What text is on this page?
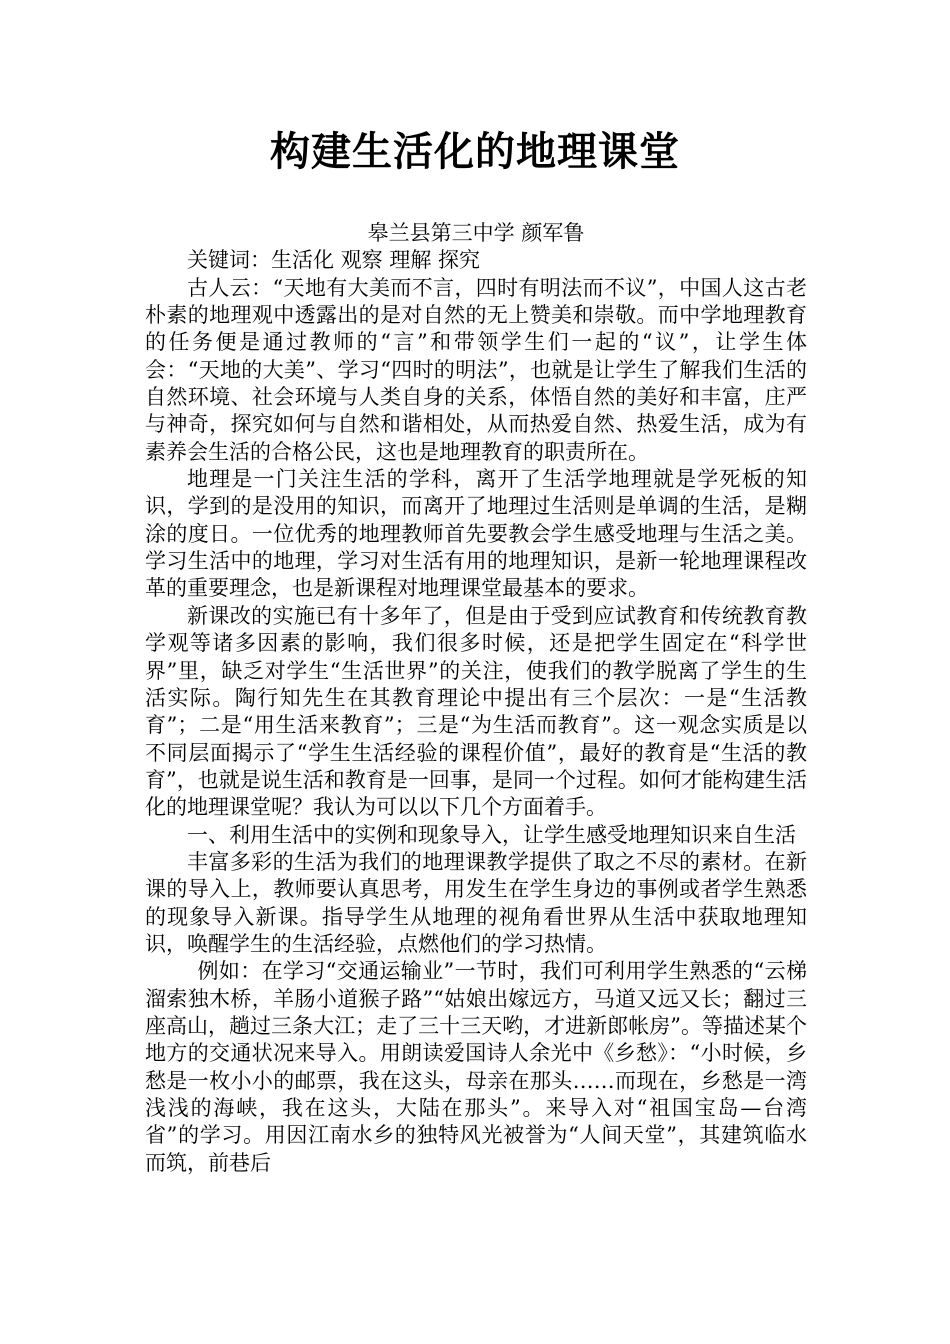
构建生活化的地理课堂

皋兰县第三中学 颜军鲁

关键词：生活化 观察 理解 探究

古人云：“天地有大美而不言，四时有明法而不议”，中国人这古老朴素的地理观中透露出的是对自然的无上赞美和崇敬。而中学地理教育的任务便是通过教师的“言”和带领学生们一起的“议”，让学生体会：“天地的大美”、学习“四时的明法”，也就是让学生了解我们生活的自然环境、社会环境与人类自身的关系，体悟自然的美好和丰富，庄严与神奇，探究如何与自然和谐相处，从而热爱自然、热爱生活，成为有素养会生活的合格公民，这也是地理教育的职责所在。

地理是一门关注生活的学科，离开了生活学地理就是学死板的知识，学到的是没用的知识，而离开了地理过生活则是单调的生活，是糊涂的度日。一位优秀的地理教师首先要教会学生感受地理与生活之美。学习生活中的地理，学习对生活有用的地理知识，是新一轮地理课程改革的重要理念，也是新课程对地理课堂最基本的要求。

新课改的实施已有十多年了，但是由于受到应试教育和传统教育教学观等诸多因素的影响，我们很多时候，还是把学生固定在“科学世界”里，缺乏对学生“生活世界”的关注，使我们的教学脱离了学生的生活实际。陶行知先生在其教育理论中提出有三个层次：一是“生活教育”；二是“用生活来教育”；三是“为生活而教育”。这一观念实质是以不同层面揭示了“学生生活经验的课程价值”，最好的教育是“生活的教育”，也就是说生活和教育是一回事，是同一个过程。如何才能构建生活化的地理课堂呢？我认为可以以下几个方面着手。

一、利用生活中的实例和现象导入，让学生感受地理知识来自生活

丰富多彩的生活为我们的地理课教学提供了取之不尽的素材。在新课的导入上，教师要认真思考，用发生在学生身边的事例或者学生熟悉的现象导入新课。指导学生从地理的视角看世界从生活中获取地理知识，唤醒学生的生活经验，点燃他们的学习热情。

例如：在学习“交通运输业”一节时，我们可利用学生熟悉的“云梯溜索独木桥，羊肠小道猴子路”“姑娘出嫁远方，马道又远又长；翻过三座高山，趟过三条大江；走了三十三天哟，才进新郎帐房”。等描述某个地方的交通状况来导入。用朗读爱国诗人余光中《乡愁》：“小时候，乡愁是一枚小小的邮票，我在这头，母亲在那头……而现在，乡愁是一湾浅浅的海峡，我在这头，大陆在那头”。来导入对“祖国宝岛—台湾省”的学习。用因江南水乡的独特风光被誉为“人间天堂”，其建筑临水而筑，前巷后
